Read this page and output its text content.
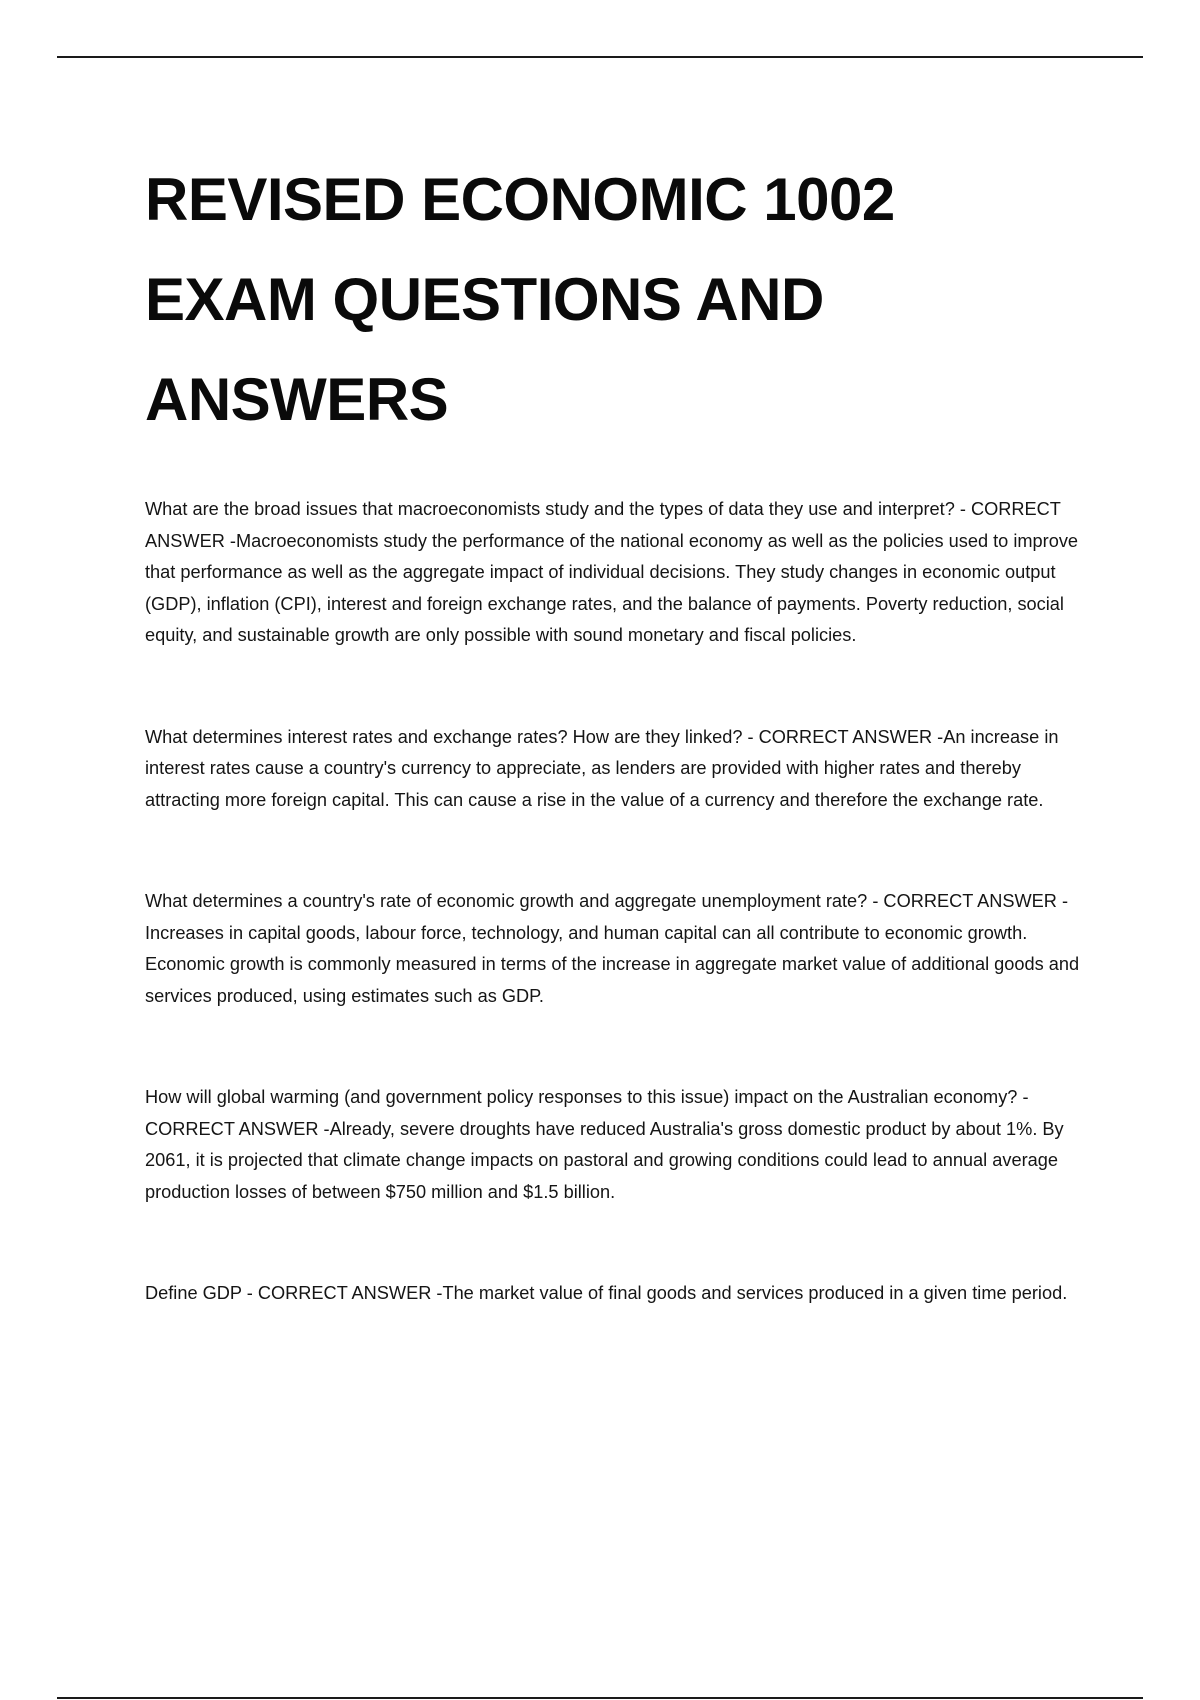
REVISED ECONOMIC 1002
EXAM QUESTIONS AND
ANSWERS

What are the broad issues that macroeconomists study and the types of data they use and interpret? - CORRECT ANSWER -Macroeconomists study the performance of the national economy as well as the policies used to improve that performance as well as the aggregate impact of individual decisions. They study changes in economic output (GDP), inflation (CPI), interest and foreign exchange rates, and the balance of payments. Poverty reduction, social equity, and sustainable growth are only possible with sound monetary and fiscal policies.

What determines interest rates and exchange rates? How are they linked? - CORRECT ANSWER -An increase in interest rates cause a country's currency to appreciate, as lenders are provided with higher rates and thereby attracting more foreign capital. This can cause a rise in the value of a currency and therefore the exchange rate.

What determines a country's rate of economic growth and aggregate unemployment rate? - CORRECT ANSWER -Increases in capital goods, labour force, technology, and human capital can all contribute to economic growth. Economic growth is commonly measured in terms of the increase in aggregate market value of additional goods and services produced, using estimates such as GDP.

How will global warming (and government policy responses to this issue) impact on the Australian economy? - CORRECT ANSWER -Already, severe droughts have reduced Australia's gross domestic product by about 1%. By 2061, it is projected that climate change impacts on pastoral and growing conditions could lead to annual average production losses of between $750 million and $1.5 billion.

Define GDP - CORRECT ANSWER -The market value of final goods and services produced in a given time period.
